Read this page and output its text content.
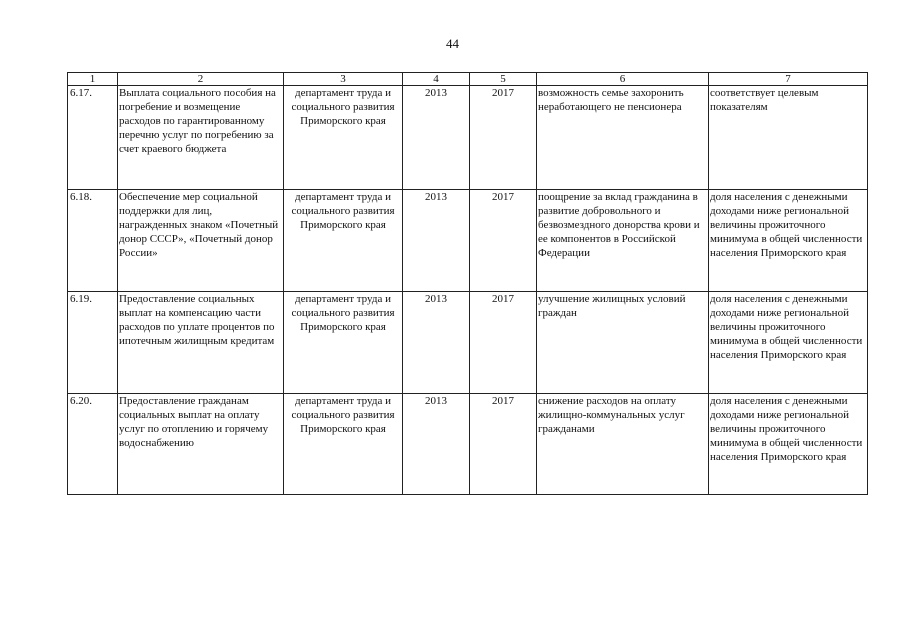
44
1	2	3	4	5	6	7
6.17.	Выплата социального пособия на погребение и возмещение расходов по гарантированному перечню услуг по погребению за счет краевого бюджета	департамент труда и социального развития Приморского края	2013	2017	возможность семье захоронить неработающего не пенсионера	соответствует целевым показателям
6.18.	Обеспечение мер социальной поддержки для лиц, награжденных знаком «Почетный донор СССР», «Почетный донор России»	департамент труда и социального развития Приморского края	2013	2017	поощрение за вклад гражданина в развитие добровольного и безвозмездного донорства крови и ее компонентов в Российской Федерации	доля населения с денежными доходами ниже региональной величины прожиточного минимума в общей численности населения Приморского края
6.19.	Предоставление социальных выплат на компенсацию части расходов по уплате процентов по ипотечным жилищным кредитам	департамент труда и социального развития Приморского края	2013	2017	улучшение жилищных условий граждан	доля населения с денежными доходами ниже региональной величины прожиточного минимума в общей численности населения Приморского края
6.20.	Предоставление гражданам социальных выплат на оплату услуг по отоплению и горячему водоснабжению	департамент труда и социального развития Приморского края	2013	2017	снижение расходов на оплату жилищно-коммунальных услуг гражданами	доля населения с денежными доходами ниже региональной величины прожиточного минимума в общей численности населения Приморского края
